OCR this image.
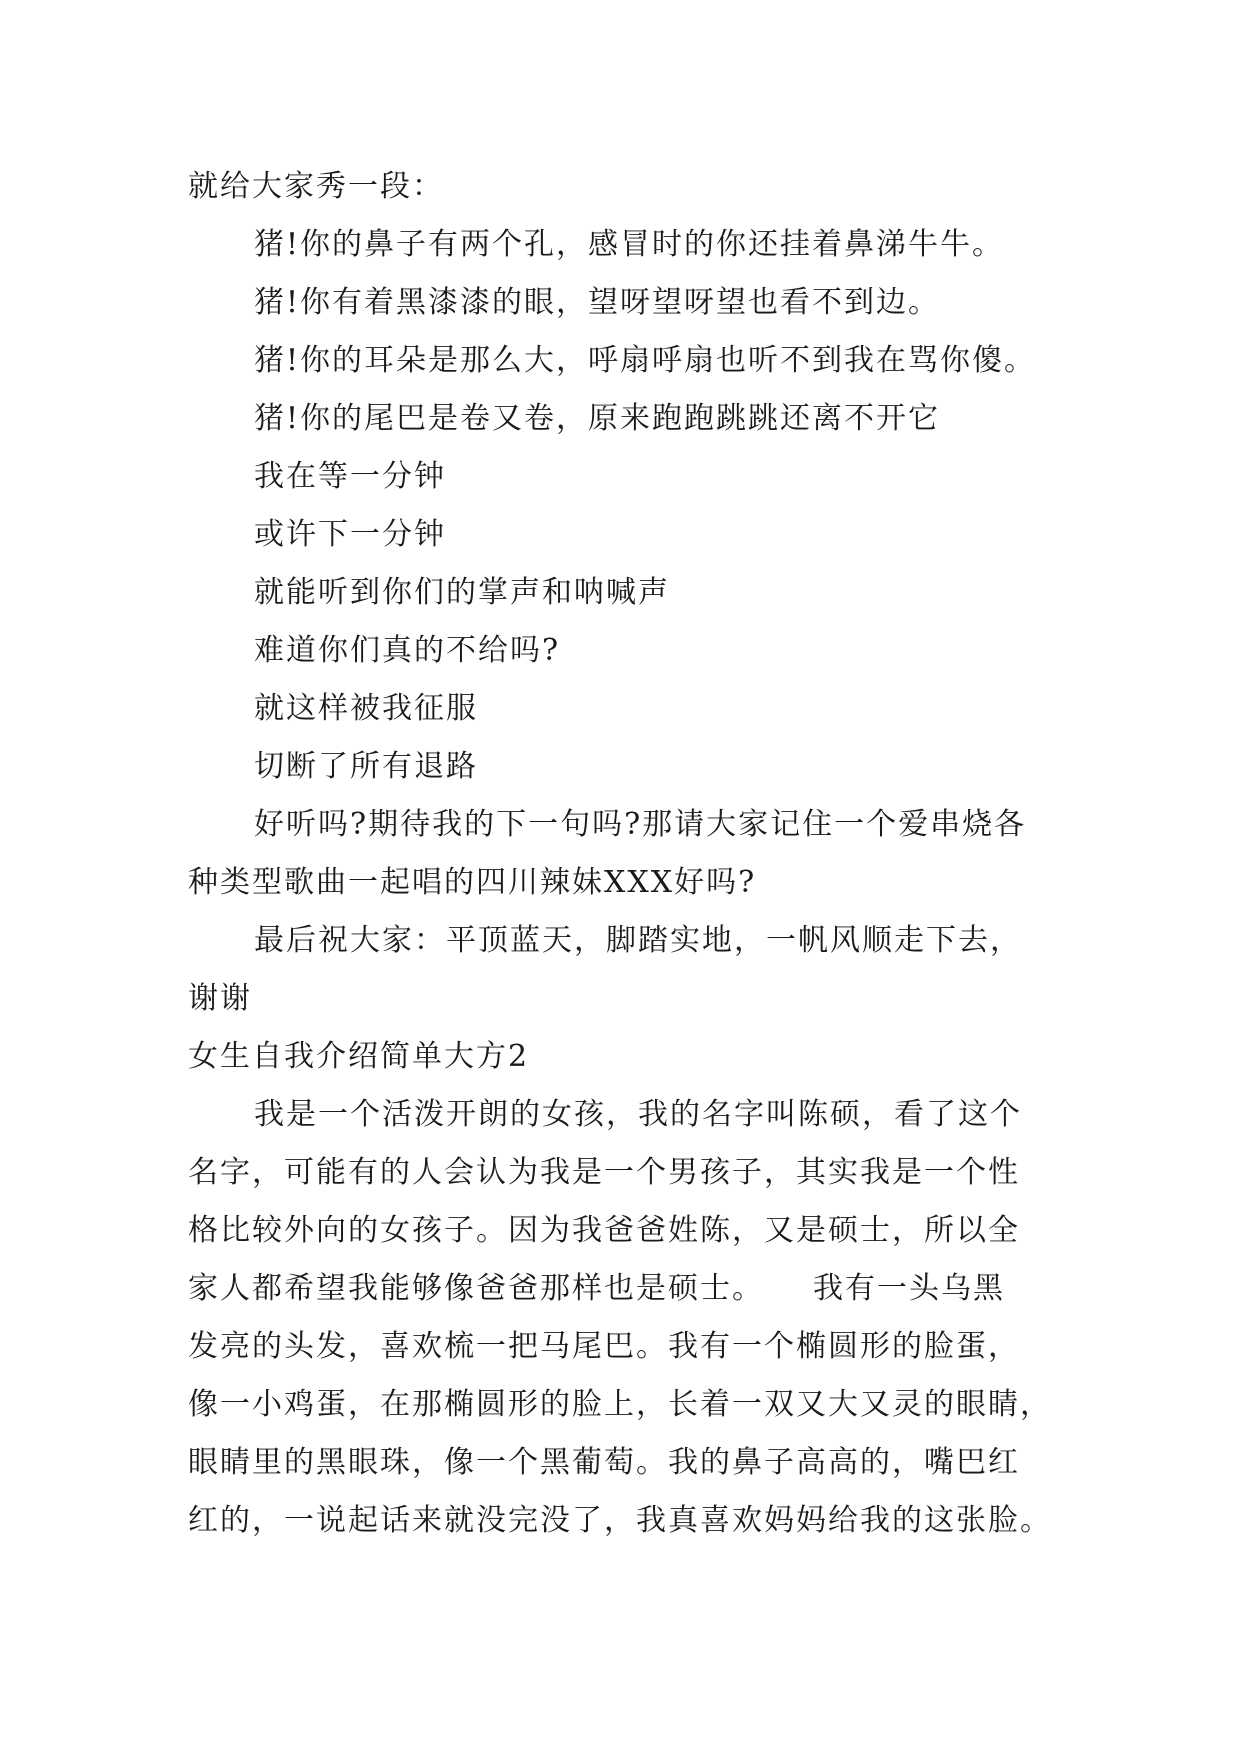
就给大家秀一段：
猪!你的鼻子有两个孔，感冒时的你还挂着鼻涕牛牛。
猪!你有着黑漆漆的眼，望呀望呀望也看不到边。
猪!你的耳朵是那么大，呼扇呼扇也听不到我在骂你傻。
猪!你的尾巴是卷又卷，原来跑跑跳跳还离不开它
我在等一分钟
或许下一分钟
就能听到你们的掌声和呐喊声
难道你们真的不给吗?
就这样被我征服
切断了所有退路
好听吗?期待我的下一句吗?那请大家记住一个爱串烧各
种类型歌曲一起唱的四川辣妹XXX好吗?
最后祝大家：平顶蓝天，脚踏实地，一帆风顺走下去，
谢谢
女生自我介绍简单大方2
我是一个活泼开朗的女孩，我的名字叫陈硕，看了这个
名字，可能有的人会认为我是一个男孩子，其实我是一个性
格比较外向的女孩子。因为我爸爸姓陈，又是硕士，所以全
家人都希望我能够像爸爸那样也是硕士。　　我有一头乌黑
发亮的头发，喜欢梳一把马尾巴。我有一个椭圆形的脸蛋，
像一小鸡蛋，在那椭圆形的脸上，长着一双又大又灵的眼睛，
眼睛里的黑眼珠，像一个黑葡萄。我的鼻子高高的，嘴巴红
红的，一说起话来就没完没了，我真喜欢妈妈给我的这张脸。
